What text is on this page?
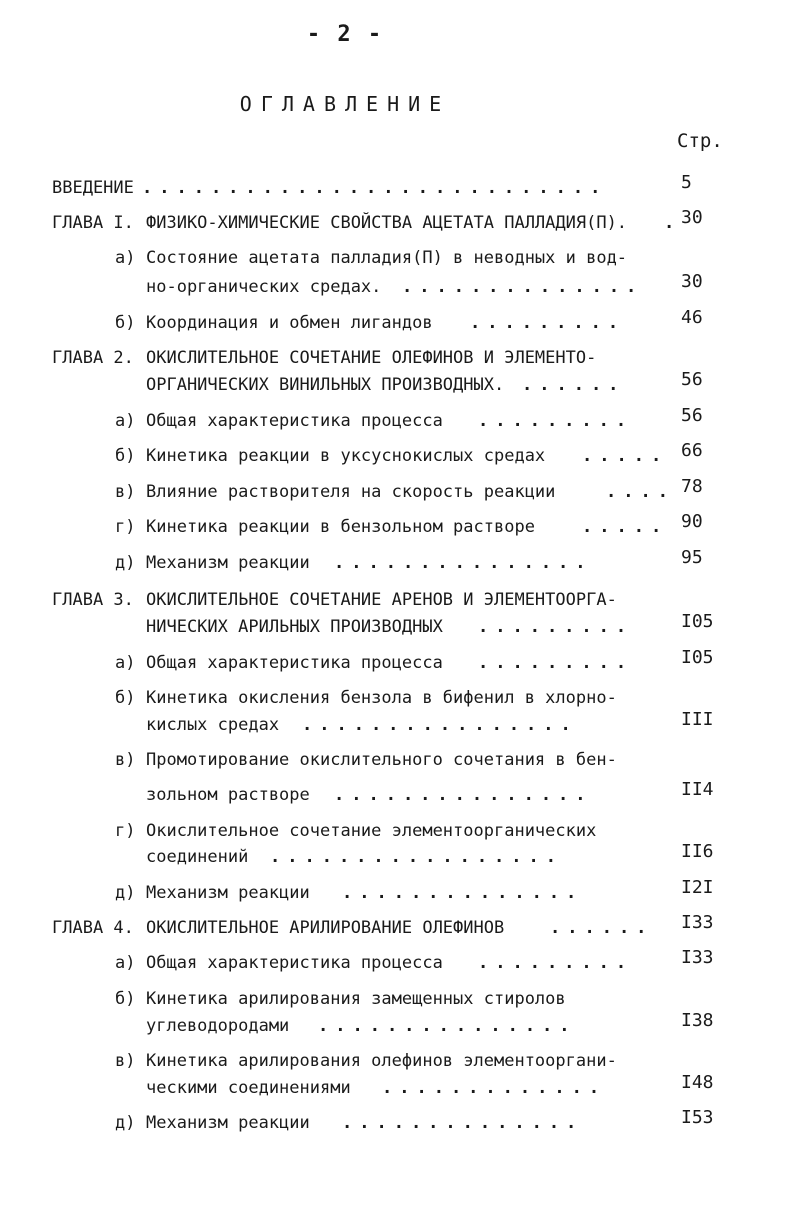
- 2 -
ОГЛАВЛЕНИЕ
Стр.
ВВЕДЕНИЕ ...........................	5
ГЛАВА I. ФИЗИКО-ХИМИЧЕСКИЕ СВОЙСТВА АЦЕТАТА ПАЛЛАДИЯ(П). . 30
а) Состояние ацетата палладия(П) в неводных и вод-
но-органических средах. .............. 30
б) Координация и обмен лигандов .........	46
ГЛАВА 2. ОКИСЛИТЕЛЬНОЕ СОЧЕТАНИЕ ОЛЕФИНОВ И ЭЛЕМЕНТО-
ОРГАНИЧЕСКИХ ВИНИЛЬНЫХ ПРОИЗВОДНЫХ. ......	56
а) Общая характеристика процесса .........	56
б) Кинетика реакции в уксуснокислых средах ..... 66
в) Влияние растворителя на скорость реакции	.... 78
г) Кинетика реакции в бензольном растворе	..... 90
д) Механизм реакции ...............	95
ГЛАВА 3. ОКИСЛИТЕЛЬНОЕ СОЧЕТАНИЕ АРЕНОВ И ЭЛЕМЕНТООРГА-
НИЧЕСКИХ АРИЛЬНЫХ ПРОИЗВОДНЫХ .........	I05
а) Общая характеристика процесса .........	I05
б) Кинетика окисления бензола в бифенил в хлорно-
кислых средах ................	III
в) Промотирование окислительного сочетания в бен-
зольном растворе ...............	II4
г) Окислительное сочетание элементоорганических
соединений .................	II6
д) Механизм реакции ..............	I2I
ГЛАВА 4. ОКИСЛИТЕЛЬНОЕ АРИЛИРОВАНИЕ ОЛЕФИНОВ	...... I33
а) Общая характеристика процесса .........	I33
б) Кинетика арилирования замещенных стиролов
углеводородами ...............	I38
в) Кинетика арилирования олефинов элементооргани-
ческими соединениями .............	I48
д) Механизм реакции ..............	I53
